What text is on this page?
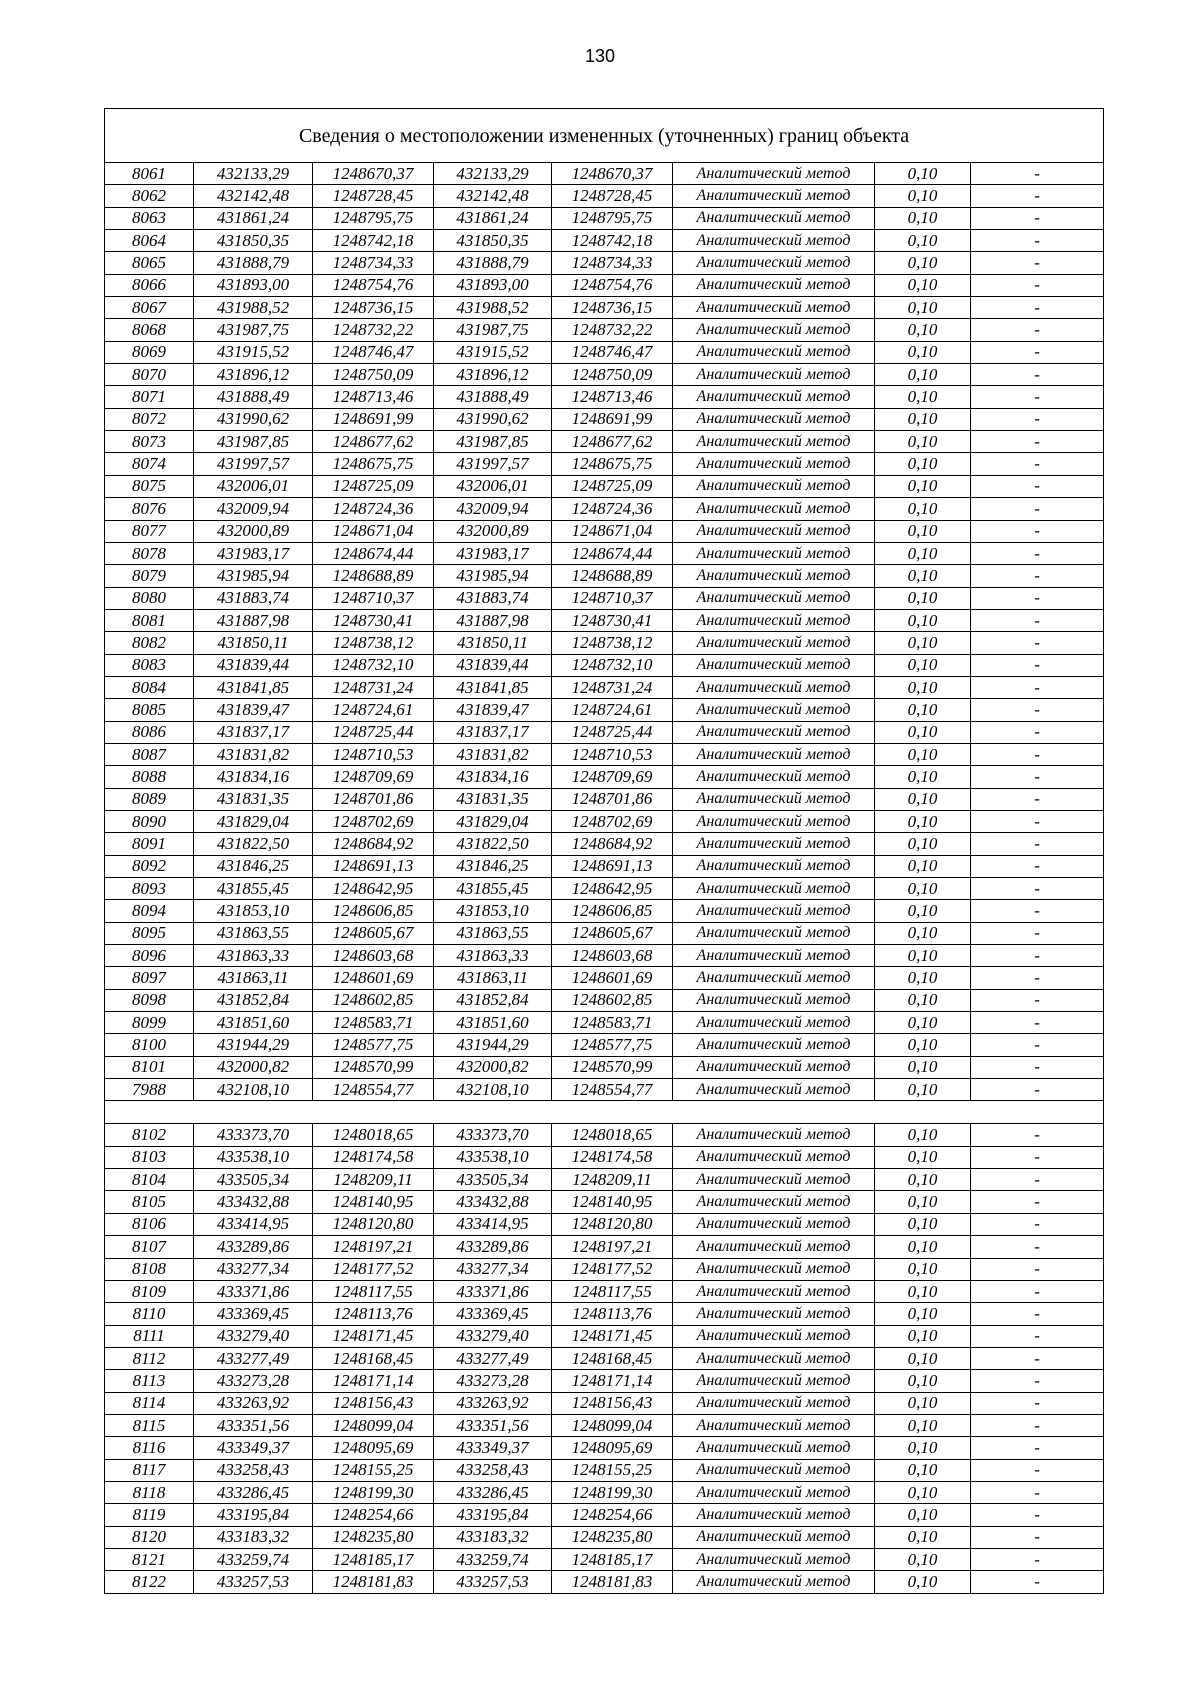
130
Сведения о местоположении измененных (уточненных) границ объекта							
8061	432133,29	1248670,37	432133,29	1248670,37	Аналитический метод	0,10	-
8062	432142,48	1248728,45	432142,48	1248728,45	Аналитический метод	0,10	-
8063	431861,24	1248795,75	431861,24	1248795,75	Аналитический метод	0,10	-
8064	431850,35	1248742,18	431850,35	1248742,18	Аналитический метод	0,10	-
8065	431888,79	1248734,33	431888,79	1248734,33	Аналитический метод	0,10	-
8066	431893,00	1248754,76	431893,00	1248754,76	Аналитический метод	0,10	-
8067	431988,52	1248736,15	431988,52	1248736,15	Аналитический метод	0,10	-
8068	431987,75	1248732,22	431987,75	1248732,22	Аналитический метод	0,10	-
8069	431915,52	1248746,47	431915,52	1248746,47	Аналитический метод	0,10	-
8070	431896,12	1248750,09	431896,12	1248750,09	Аналитический метод	0,10	-
8071	431888,49	1248713,46	431888,49	1248713,46	Аналитический метод	0,10	-
8072	431990,62	1248691,99	431990,62	1248691,99	Аналитический метод	0,10	-
8073	431987,85	1248677,62	431987,85	1248677,62	Аналитический метод	0,10	-
8074	431997,57	1248675,75	431997,57	1248675,75	Аналитический метод	0,10	-
8075	432006,01	1248725,09	432006,01	1248725,09	Аналитический метод	0,10	-
8076	432009,94	1248724,36	432009,94	1248724,36	Аналитический метод	0,10	-
8077	432000,89	1248671,04	432000,89	1248671,04	Аналитический метод	0,10	-
8078	431983,17	1248674,44	431983,17	1248674,44	Аналитический метод	0,10	-
8079	431985,94	1248688,89	431985,94	1248688,89	Аналитический метод	0,10	-
8080	431883,74	1248710,37	431883,74	1248710,37	Аналитический метод	0,10	-
8081	431887,98	1248730,41	431887,98	1248730,41	Аналитический метод	0,10	-
8082	431850,11	1248738,12	431850,11	1248738,12	Аналитический метод	0,10	-
8083	431839,44	1248732,10	431839,44	1248732,10	Аналитический метод	0,10	-
8084	431841,85	1248731,24	431841,85	1248731,24	Аналитический метод	0,10	-
8085	431839,47	1248724,61	431839,47	1248724,61	Аналитический метод	0,10	-
8086	431837,17	1248725,44	431837,17	1248725,44	Аналитический метод	0,10	-
8087	431831,82	1248710,53	431831,82	1248710,53	Аналитический метод	0,10	-
8088	431834,16	1248709,69	431834,16	1248709,69	Аналитический метод	0,10	-
8089	431831,35	1248701,86	431831,35	1248701,86	Аналитический метод	0,10	-
8090	431829,04	1248702,69	431829,04	1248702,69	Аналитический метод	0,10	-
8091	431822,50	1248684,92	431822,50	1248684,92	Аналитический метод	0,10	-
8092	431846,25	1248691,13	431846,25	1248691,13	Аналитический метод	0,10	-
8093	431855,45	1248642,95	431855,45	1248642,95	Аналитический метод	0,10	-
8094	431853,10	1248606,85	431853,10	1248606,85	Аналитический метод	0,10	-
8095	431863,55	1248605,67	431863,55	1248605,67	Аналитический метод	0,10	-
8096	431863,33	1248603,68	431863,33	1248603,68	Аналитический метод	0,10	-
8097	431863,11	1248601,69	431863,11	1248601,69	Аналитический метод	0,10	-
8098	431852,84	1248602,85	431852,84	1248602,85	Аналитический метод	0,10	-
8099	431851,60	1248583,71	431851,60	1248583,71	Аналитический метод	0,10	-
8100	431944,29	1248577,75	431944,29	1248577,75	Аналитический метод	0,10	-
8101	432000,82	1248570,99	432000,82	1248570,99	Аналитический метод	0,10	-
7988	432108,10	1248554,77	432108,10	1248554,77	Аналитический метод	0,10	-

8102	433373,70	1248018,65	433373,70	1248018,65	Аналитический метод	0,10	-
8103	433538,10	1248174,58	433538,10	1248174,58	Аналитический метод	0,10	-
8104	433505,34	1248209,11	433505,34	1248209,11	Аналитический метод	0,10	-
8105	433432,88	1248140,95	433432,88	1248140,95	Аналитический метод	0,10	-
8106	433414,95	1248120,80	433414,95	1248120,80	Аналитический метод	0,10	-
8107	433289,86	1248197,21	433289,86	1248197,21	Аналитический метод	0,10	-
8108	433277,34	1248177,52	433277,34	1248177,52	Аналитический метод	0,10	-
8109	433371,86	1248117,55	433371,86	1248117,55	Аналитический метод	0,10	-
8110	433369,45	1248113,76	433369,45	1248113,76	Аналитический метод	0,10	-
8111	433279,40	1248171,45	433279,40	1248171,45	Аналитический метод	0,10	-
8112	433277,49	1248168,45	433277,49	1248168,45	Аналитический метод	0,10	-
8113	433273,28	1248171,14	433273,28	1248171,14	Аналитический метод	0,10	-
8114	433263,92	1248156,43	433263,92	1248156,43	Аналитический метод	0,10	-
8115	433351,56	1248099,04	433351,56	1248099,04	Аналитический метод	0,10	-
8116	433349,37	1248095,69	433349,37	1248095,69	Аналитический метод	0,10	-
8117	433258,43	1248155,25	433258,43	1248155,25	Аналитический метод	0,10	-
8118	433286,45	1248199,30	433286,45	1248199,30	Аналитический метод	0,10	-
8119	433195,84	1248254,66	433195,84	1248254,66	Аналитический метод	0,10	-
8120	433183,32	1248235,80	433183,32	1248235,80	Аналитический метод	0,10	-
8121	433259,74	1248185,17	433259,74	1248185,17	Аналитический метод	0,10	-
8122	433257,53	1248181,83	433257,53	1248181,83	Аналитический метод	0,10	-
